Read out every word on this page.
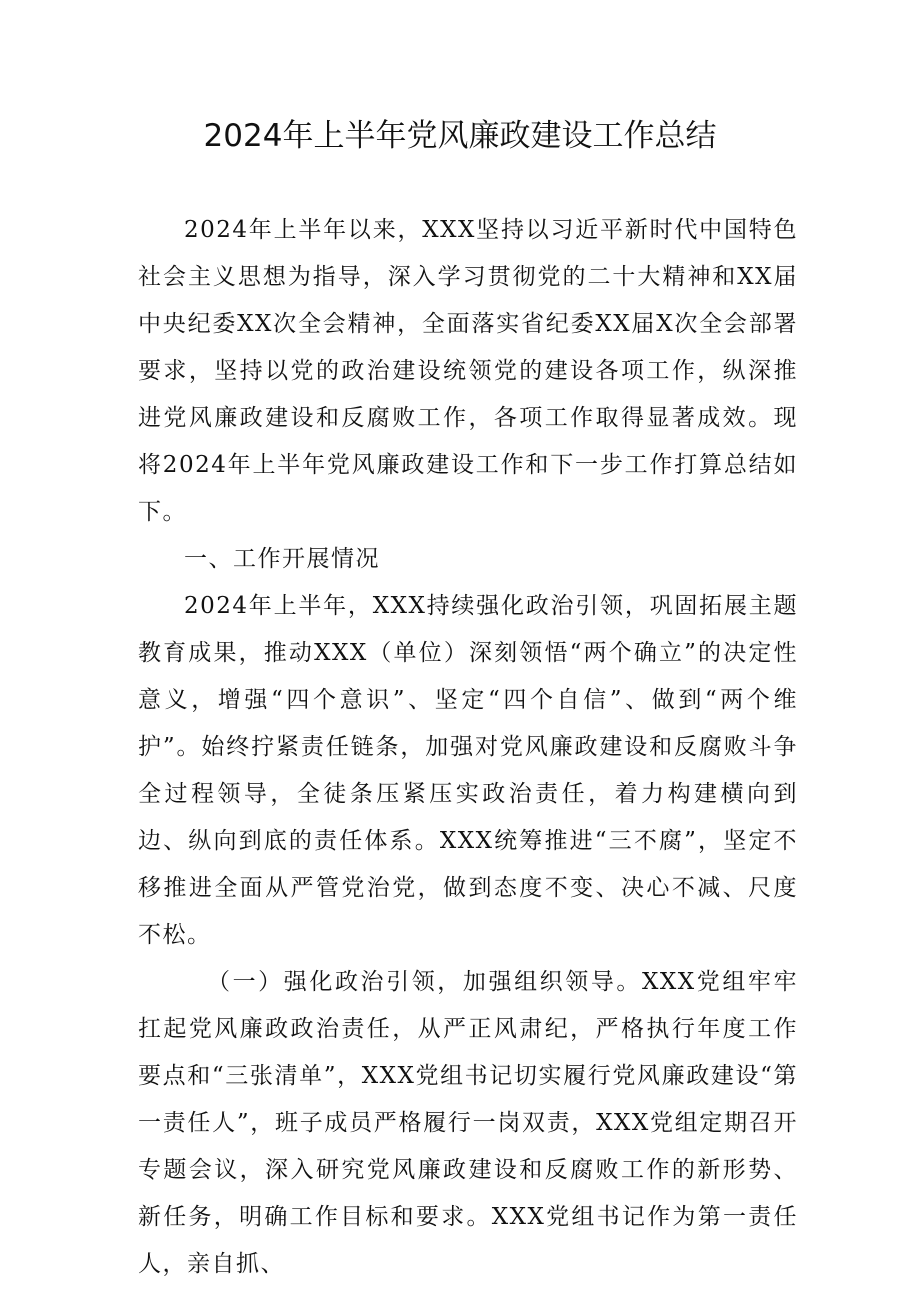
2024年上半年党风廉政建设工作总结

2024年上半年以来，XXX坚持以习近平新时代中国特色社会主义思想为指导，深入学习贯彻党的二十大精神和XX届中央纪委XX次全会精神，全面落实省纪委XX届X次全会部署要求，坚持以党的政治建设统领党的建设各项工作，纵深推进党风廉政建设和反腐败工作，各项工作取得显著成效。现将2024年上半年党风廉政建设工作和下一步工作打算总结如下。

一、工作开展情况

2024年上半年，XXX持续强化政治引领，巩固拓展主题教育成果，推动XXX（单位）深刻领悟“两个确立”的决定性意义，增强“四个意识”、坚定“四个自信”、做到“两个维护”。始终拧紧责任链条，加强对党风廉政建设和反腐败斗争全过程领导，全徒条压紧压实政治责任，着力构建横向到边、纵向到底的责任体系。XXX统筹推进“三不腐”，坚定不移推进全面从严管党治党，做到态度不变、决心不减、尺度不松。

（一）强化政治引领，加强组织领导。XXX党组牢牢扛起党风廉政政治责任，从严正风肃纪，严格执行年度工作要点和“三张清单”，XXX党组书记切实履行党风廉政建设“第一责任人”，班子成员严格履行一岗双责，XXX党组定期召开专题会议，深入研究党风廉政建设和反腐败工作的新形势、新任务，明确工作目标和要求。XXX党组书记作为第一责任人，亲自抓、
